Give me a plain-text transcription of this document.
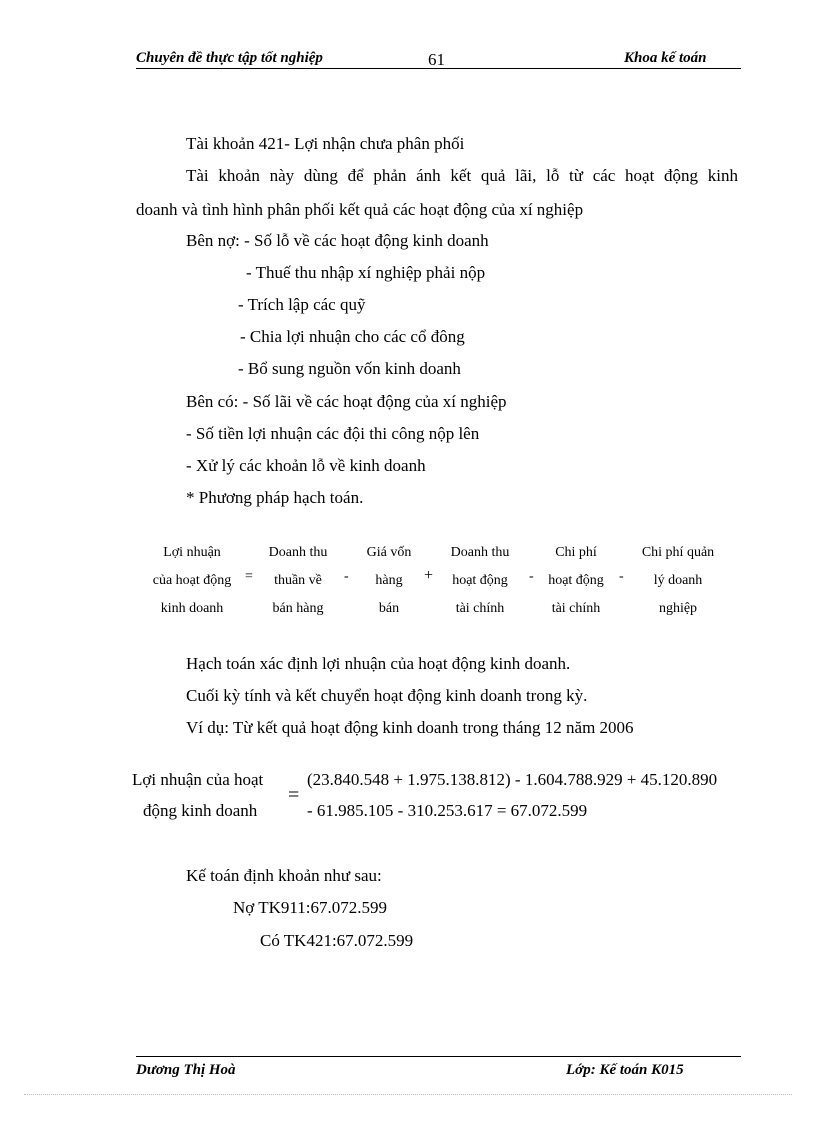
Chuyên đề thực tập tốt nghiệp	61	Khoa kế toán
Tài khoản 421- Lợi nhận chưa phân phối
Tài khoản này dùng để phản ánh kết quả lãi, lỗ từ các hoạt động kinh
doanh và tình hình phân phối kết quả các hoạt động của xí nghiệp
Bên nợ: - Số lỗ về các hoạt động kinh doanh
- Thuế thu nhập xí nghiệp phải nộp
- Trích lập các quỹ
- Chia lợi nhuận cho các cổ đông
- Bổ sung nguồn vốn kinh doanh
Bên có: - Số lãi về các hoạt động của xí nghiệp
- Số tiền lợi nhuận các đội thi công nộp lên
- Xử lý các khoản lỗ về kinh doanh
* Phương pháp hạch toán.
Lợi nhuận
của hoạt động
kinh doanh
=
Doanh thu
thuần về
bán hàng
-
Giá vốn
hàng
bán
+
Doanh thu
hoạt động
tài chính
-
Chi phí
hoạt động
tài chính
-
Chi phí quản
lý doanh
nghiệp
Hạch toán xác định lợi nhuận của hoạt động kinh doanh.
Cuối kỳ tính và kết chuyển hoạt động kinh doanh trong kỳ.
Ví dụ: Từ kết quả hoạt động kinh doanh trong tháng 12 năm 2006
Lợi nhuận của hoạt
động kinh doanh
=
(23.840.548 + 1.975.138.812) - 1.604.788.929 + 45.120.890
- 61.985.105 - 310.253.617 = 67.072.599
Kế toán định khoản như sau:
Nợ TK911:67.072.599
Có TK421:67.072.599
Dương Thị Hoà	Lớp: Kế toán K015
